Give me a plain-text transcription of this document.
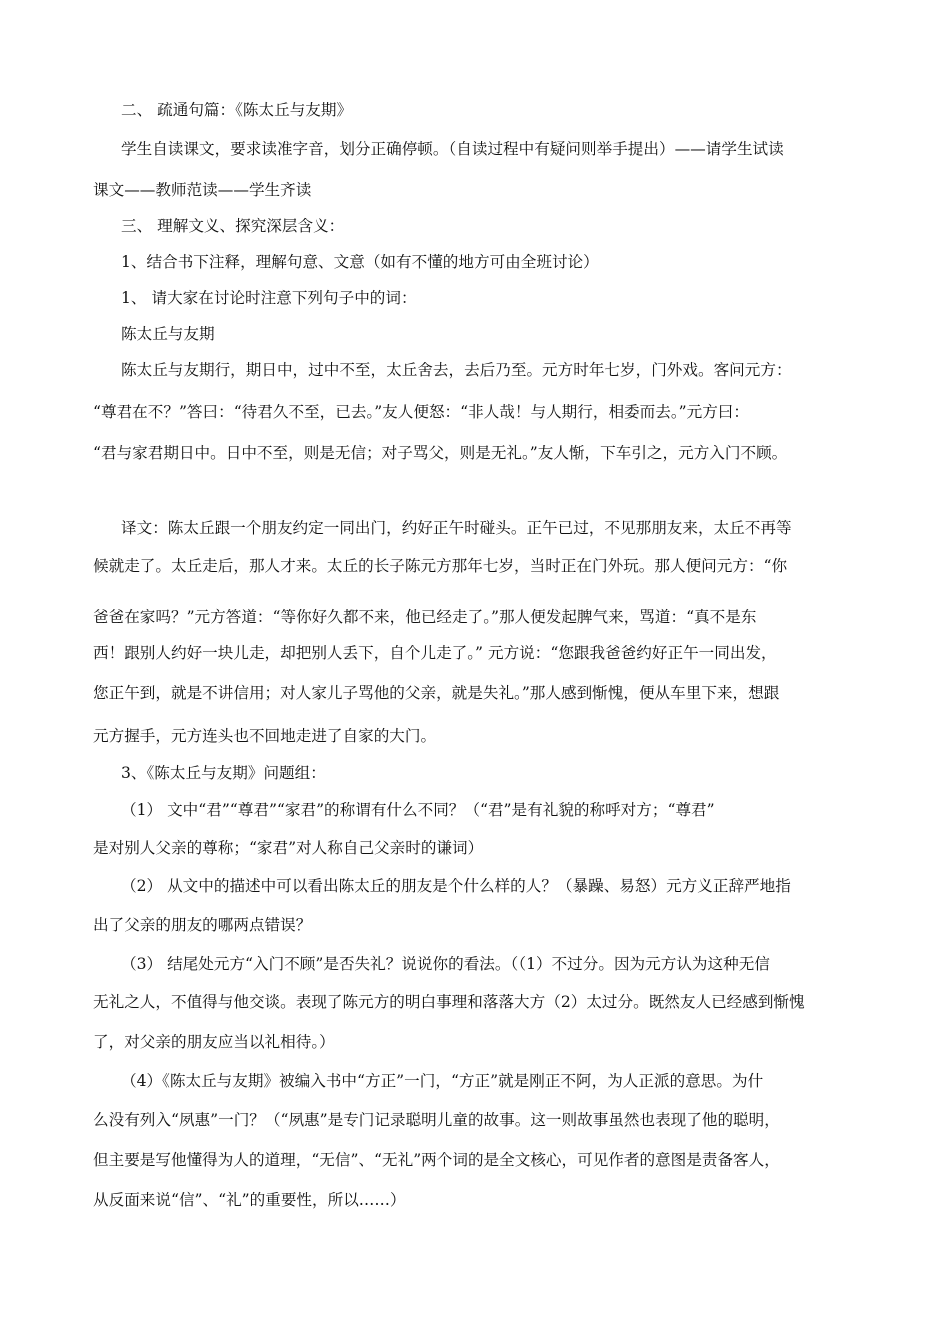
二、 疏通句篇：《陈太丘与友期》
学生自读课文，要求读准字音，划分正确停顿。（自读过程中有疑问则举手提出）——请学生试读
课文——教师范读——学生齐读
三、 理解文义、探究深层含义：
1、结合书下注释，理解句意、文意（如有不懂的地方可由全班讨论）
1、 请大家在讨论时注意下列句子中的词：
陈太丘与友期
陈太丘与友期行，期日中，过中不至，太丘舍去，去后乃至。元方时年七岁，门外戏。客问元方：
“尊君在不？”答曰：“待君久不至，已去。”友人便怒：“非人哉！与人期行，相委而去。”元方曰：
“君与家君期日中。日中不至，则是无信；对子骂父，则是无礼。”友人惭，下车引之，元方入门不顾。
译文：陈太丘跟一个朋友约定一同出门，约好正午时碰头。正午已过，不见那朋友来，太丘不再等
候就走了。太丘走后，那人才来。太丘的长子陈元方那年七岁，当时正在门外玩。那人便问元方：“你
爸爸在家吗？”元方答道：“等你好久都不来，他已经走了。”那人便发起脾气来，骂道：“真不是东
西！跟别人约好一块儿走，却把别人丢下，自个儿走了。” 元方说：“您跟我爸爸约好正午一同出发，
您正午到，就是不讲信用；对人家儿子骂他的父亲，就是失礼。”那人感到惭愧，便从车里下来，想跟
元方握手，元方连头也不回地走进了自家的大门。
3、《陈太丘与友期》问题组：
（1） 文中“君”“尊君”“家君”的称谓有什么不同？（“君”是有礼貌的称呼对方；“尊君”
是对别人父亲的尊称；“家君”对人称自己父亲时的谦词）
（2） 从文中的描述中可以看出陈太丘的朋友是个什么样的人？（暴躁、易怒）元方义正辞严地指
出了父亲的朋友的哪两点错误？
（3） 结尾处元方“入门不顾”是否失礼？说说你的看法。（（1）不过分。因为元方认为这种无信
无礼之人，不值得与他交谈。表现了陈元方的明白事理和落落大方（2）太过分。既然友人已经感到惭愧
了，对父亲的朋友应当以礼相待。）
（4）《陈太丘与友期》被编入书中“方正”一门，“方正”就是刚正不阿，为人正派的意思。为什
么没有列入“夙惠”一门？（“夙惠”是专门记录聪明儿童的故事。这一则故事虽然也表现了他的聪明，
但主要是写他懂得为人的道理，“无信”、“无礼”两个词的是全文核心，可见作者的意图是责备客人，
从反面来说“信”、“礼”的重要性，所以……）
